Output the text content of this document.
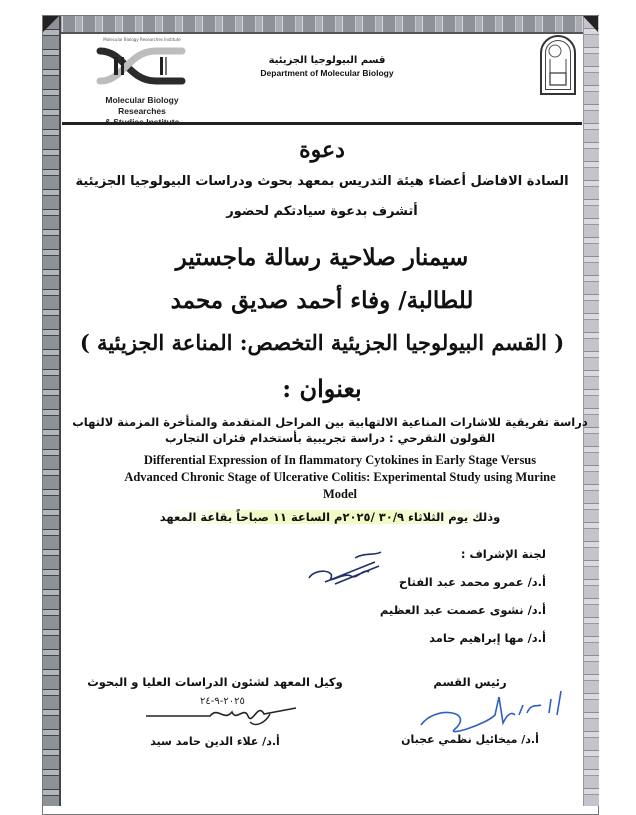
Molecular Biology Researches Institute
Molecular Biology Researches
قسم البيولوجيا الجزيئية
Department of Molecular Biology
دعوة
السادة الافاضل أعضاء هيئة التدريس بمعهد بحوث ودراسات البيولوجيا الجزيئية
أتشرف بدعوة سيادتكم لحضور
سيمنار صلاحية رسالة ماجستير
للطالبة/ وفاء أحمد صديق محمد
( القسم البيولوجيا الجزيئية التخصص: المناعة الجزيئية )
بعنوان :
دراسة تفريقية للاشارات المناعية الالتهابية بين المراحل المتقدمة والمتأخرة المزمنة لالتهاب
القولون التقرحي : دراسة تجريبية بأستخدام فئران التجارب
Differential Expression of In flammatory Cytokines in Early Stage Versus
Advanced Chronic Stage of Ulcerative Colitis: Experimental Study using Murine
Model
وذلك يوم الثلاثاء ٣٠/٩ /٢٠٢٥م الساعة ١١ صباحاً بقاعة المعهد
لجنة الإشراف :
أ.د/ عمرو محمد عبد الفتاح
أ.د/ نشوى عصمت عبد العظيم
أ.د/ مها إبراهيم حامد
وكيل المعهد لشئون الدراسات العليا و البحوث
أ.د/ علاء الدين حامد سيد
٢٠٢٥-٩-٢٤
رئيس القسم
أ.د/ ميخائيل نظمي عجبان
